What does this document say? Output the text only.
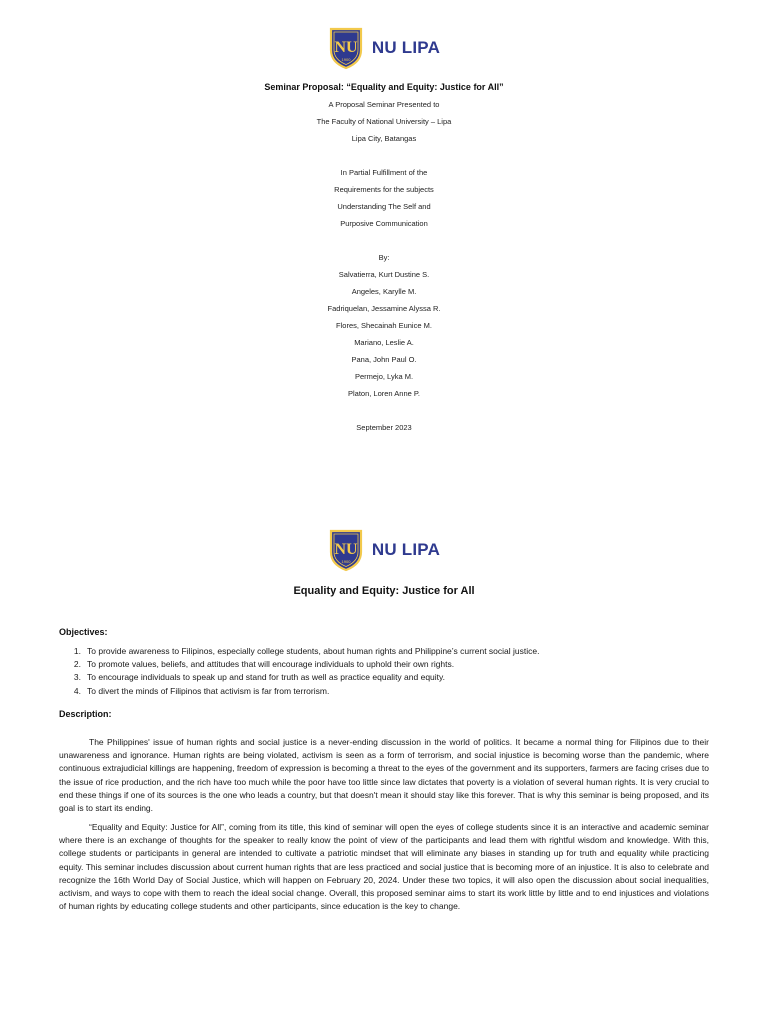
NU
1900
NU LIPA
Seminar Proposal: “Equality and Equity: Justice for All”
A Proposal Seminar Presented to
The Faculty of National University – Lipa
Lipa City, Batangas
In Partial Fulfillment of the
Requirements for the subjects
Understanding The Self and
Purposive Communication
By:
Salvatierra, Kurt Dustine S.
Angeles, Karylle M.
Fadriquelan, Jessamine Alyssa R.
Flores, Shecainah Eunice M.
Mariano, Leslie A.
Pana, John Paul O.
Permejo, Lyka M.
Platon, Loren Anne P.
September 2023
NU
1900
NU LIPA
Equality and Equity: Justice for All
Objectives:
1. To provide awareness to Filipinos, especially college students, about human rights and Philippine’s current social justice.
2. To promote values, beliefs, and attitudes that will encourage individuals to uphold their own rights.
3. To encourage individuals to speak up and stand for truth as well as practice equality and equity.
4. To divert the minds of Filipinos that activism is far from terrorism.
Description:

The Philippines' issue of human rights and social justice is a never-ending discussion in the world of politics. It became a normal thing for Filipinos due to their unawareness and ignorance. Human rights are being violated, activism is seen as a form of terrorism, and social injustice is becoming worse than the pandemic, where continuous extrajudicial killings are happening, freedom of expression is becoming a threat to the eyes of the government and its supporters, farmers are facing crises due to the issue of rice production, and the rich have too much while the poor have too little since law dictates that poverty is a violation of several human rights. It is very crucial to end these things if one of its sources is the one who leads a country, but that doesn't mean it should stay like this forever. That is why this seminar is being proposed, and its goal is to start its ending.

“Equality and Equity: Justice for All”, coming from its title, this kind of seminar will open the eyes of college students since it is an interactive and academic seminar where there is an exchange of thoughts for the speaker to really know the point of view of the participants and lead them with rightful wisdom and knowledge. With this, college students or participants in general are intended to cultivate a patriotic mindset that will eliminate any biases in standing up for truth and equality while practicing equity. This seminar includes discussion about current human rights that are less practiced and social justice that is becoming more of an injustice. It is also to celebrate and recognize the 16th World Day of Social Justice, which will happen on February 20, 2024. Under these two topics, it will also open the discussion about social inequalities, activism, and ways to cope with them to reach the ideal social change. Overall, this proposed seminar aims to start its work little by little and to end injustices and violations of human rights by educating college students and other participants, since education is the key to change.
